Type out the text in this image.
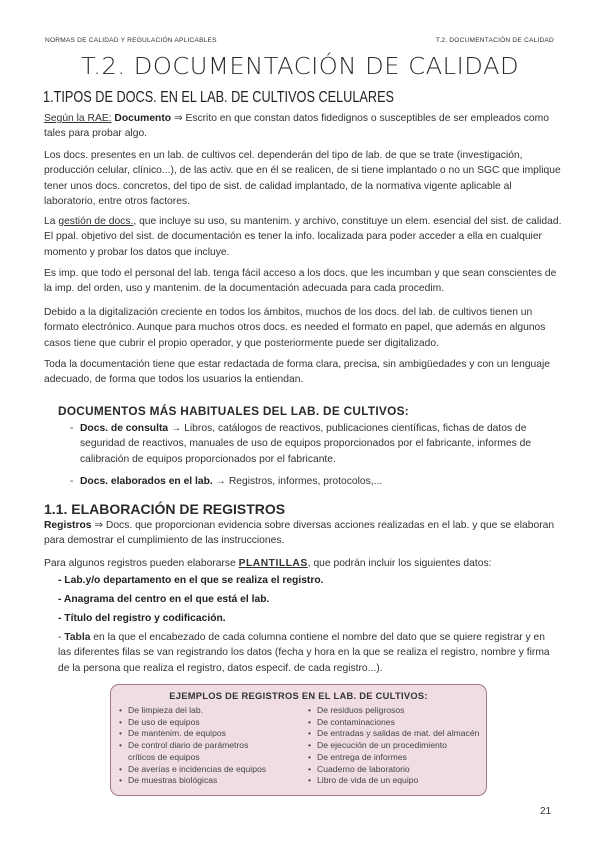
NORMAS DE CALIDAD Y REGULACIÓN APLICABLES	T.2. DOCUMENTACIÓN DE CALIDAD
T.2. DOCUMENTACIÓN DE CALIDAD
1.TIPOS DE DOCS. EN EL LAB. DE CULTIVOS CELULARES
Según la RAE: Documento ⇒ Escrito en que constan datos fidedignos o susceptibles de ser empleados como tales para probar algo.
Los docs. presentes en un lab. de cultivos cel. dependerán del tipo de lab. de que se trate (investigación, producción celular, clínico...), de las activ. que en él se realicen, de si tiene implantado o no un SGC que implique tener unos docs. concretos, del tipo de sist. de calidad implantado, de la normativa vigente aplicable al laboratorio, entre otros factores.
La gestión de docs., que incluye su uso, su mantenim. y archivo, constituye un elem. esencial del sist. de calidad. El ppal. objetivo del sist. de documentación es tener la info. localizada para poder acceder a ella en cualquier momento y probar los datos que incluye.
Es imp. que todo el personal del lab. tenga fácil acceso a los docs. que les incumban y que sean conscientes de la imp. del orden, uso y mantenim. de la documentación adecuada para cada procedim.
Debido a la digitalización creciente en todos los ámbitos, muchos de los docs. del lab. de cultivos tienen un formato electrónico. Aunque para muchos otros docs. es needed el formato en papel, que además en algunos casos tiene que cubrir el propio operador, y que posteriormente puede ser digitalizado.
Toda la documentación tiene que estar redactada de forma clara, precisa, sin ambigüedades y con un lenguaje adecuado, de forma que todos los usuarios la entiendan.
DOCUMENTOS MÁS HABITUALES DEL LAB. DE CULTIVOS:
- Docs. de consulta → Libros, catálogos de reactivos, publicaciones científicas, fichas de datos de seguridad de reactivos, manuales de uso de equipos proporcionados por el fabricante, informes de calibración de equipos proporcionados por el fabricante.
- Docs. elaborados en el lab. → Registros, informes, protocolos,...
1.1. ELABORACIÓN DE REGISTROS
Registros ⇒ Docs. que proporcionan evidencia sobre diversas acciones realizadas en el lab. y que se elaboran para demostrar el cumplimiento de las instrucciones.
Para algunos registros pueden elaborarse PLANTILLAS, que podrán incluir los siguientes datos:
- Lab.y/o departamento en el que se realiza el registro.
- Anagrama del centro en el que está el lab.
- Título del registro y codificación.
- Tabla en la que el encabezado de cada columna contiene el nombre del dato que se quiere registrar y en las diferentes filas se van registrando los datos (fecha y hora en la que se realiza el registro, nombre y firma de la persona que realiza el registro, datos especif. de cada registro...).
EJEMPLOS DE REGISTROS EN EL LAB. DE CULTIVOS:
• De limpieza del lab.
• De uso de equipos
• De mantenim. de equipos
• De control diario de parámetros
críticos de equipos
• De averías e incidencias de equipos
• De muestras biológicas
• De residuos peligrosos
• De contaminaciones
• De entradas y salidas de mat. del almacén
• De ejecución de un procedimiento
• De entrega de informes
• Cuaderno de laboratorio
• Libro de vida de un equipo
21
